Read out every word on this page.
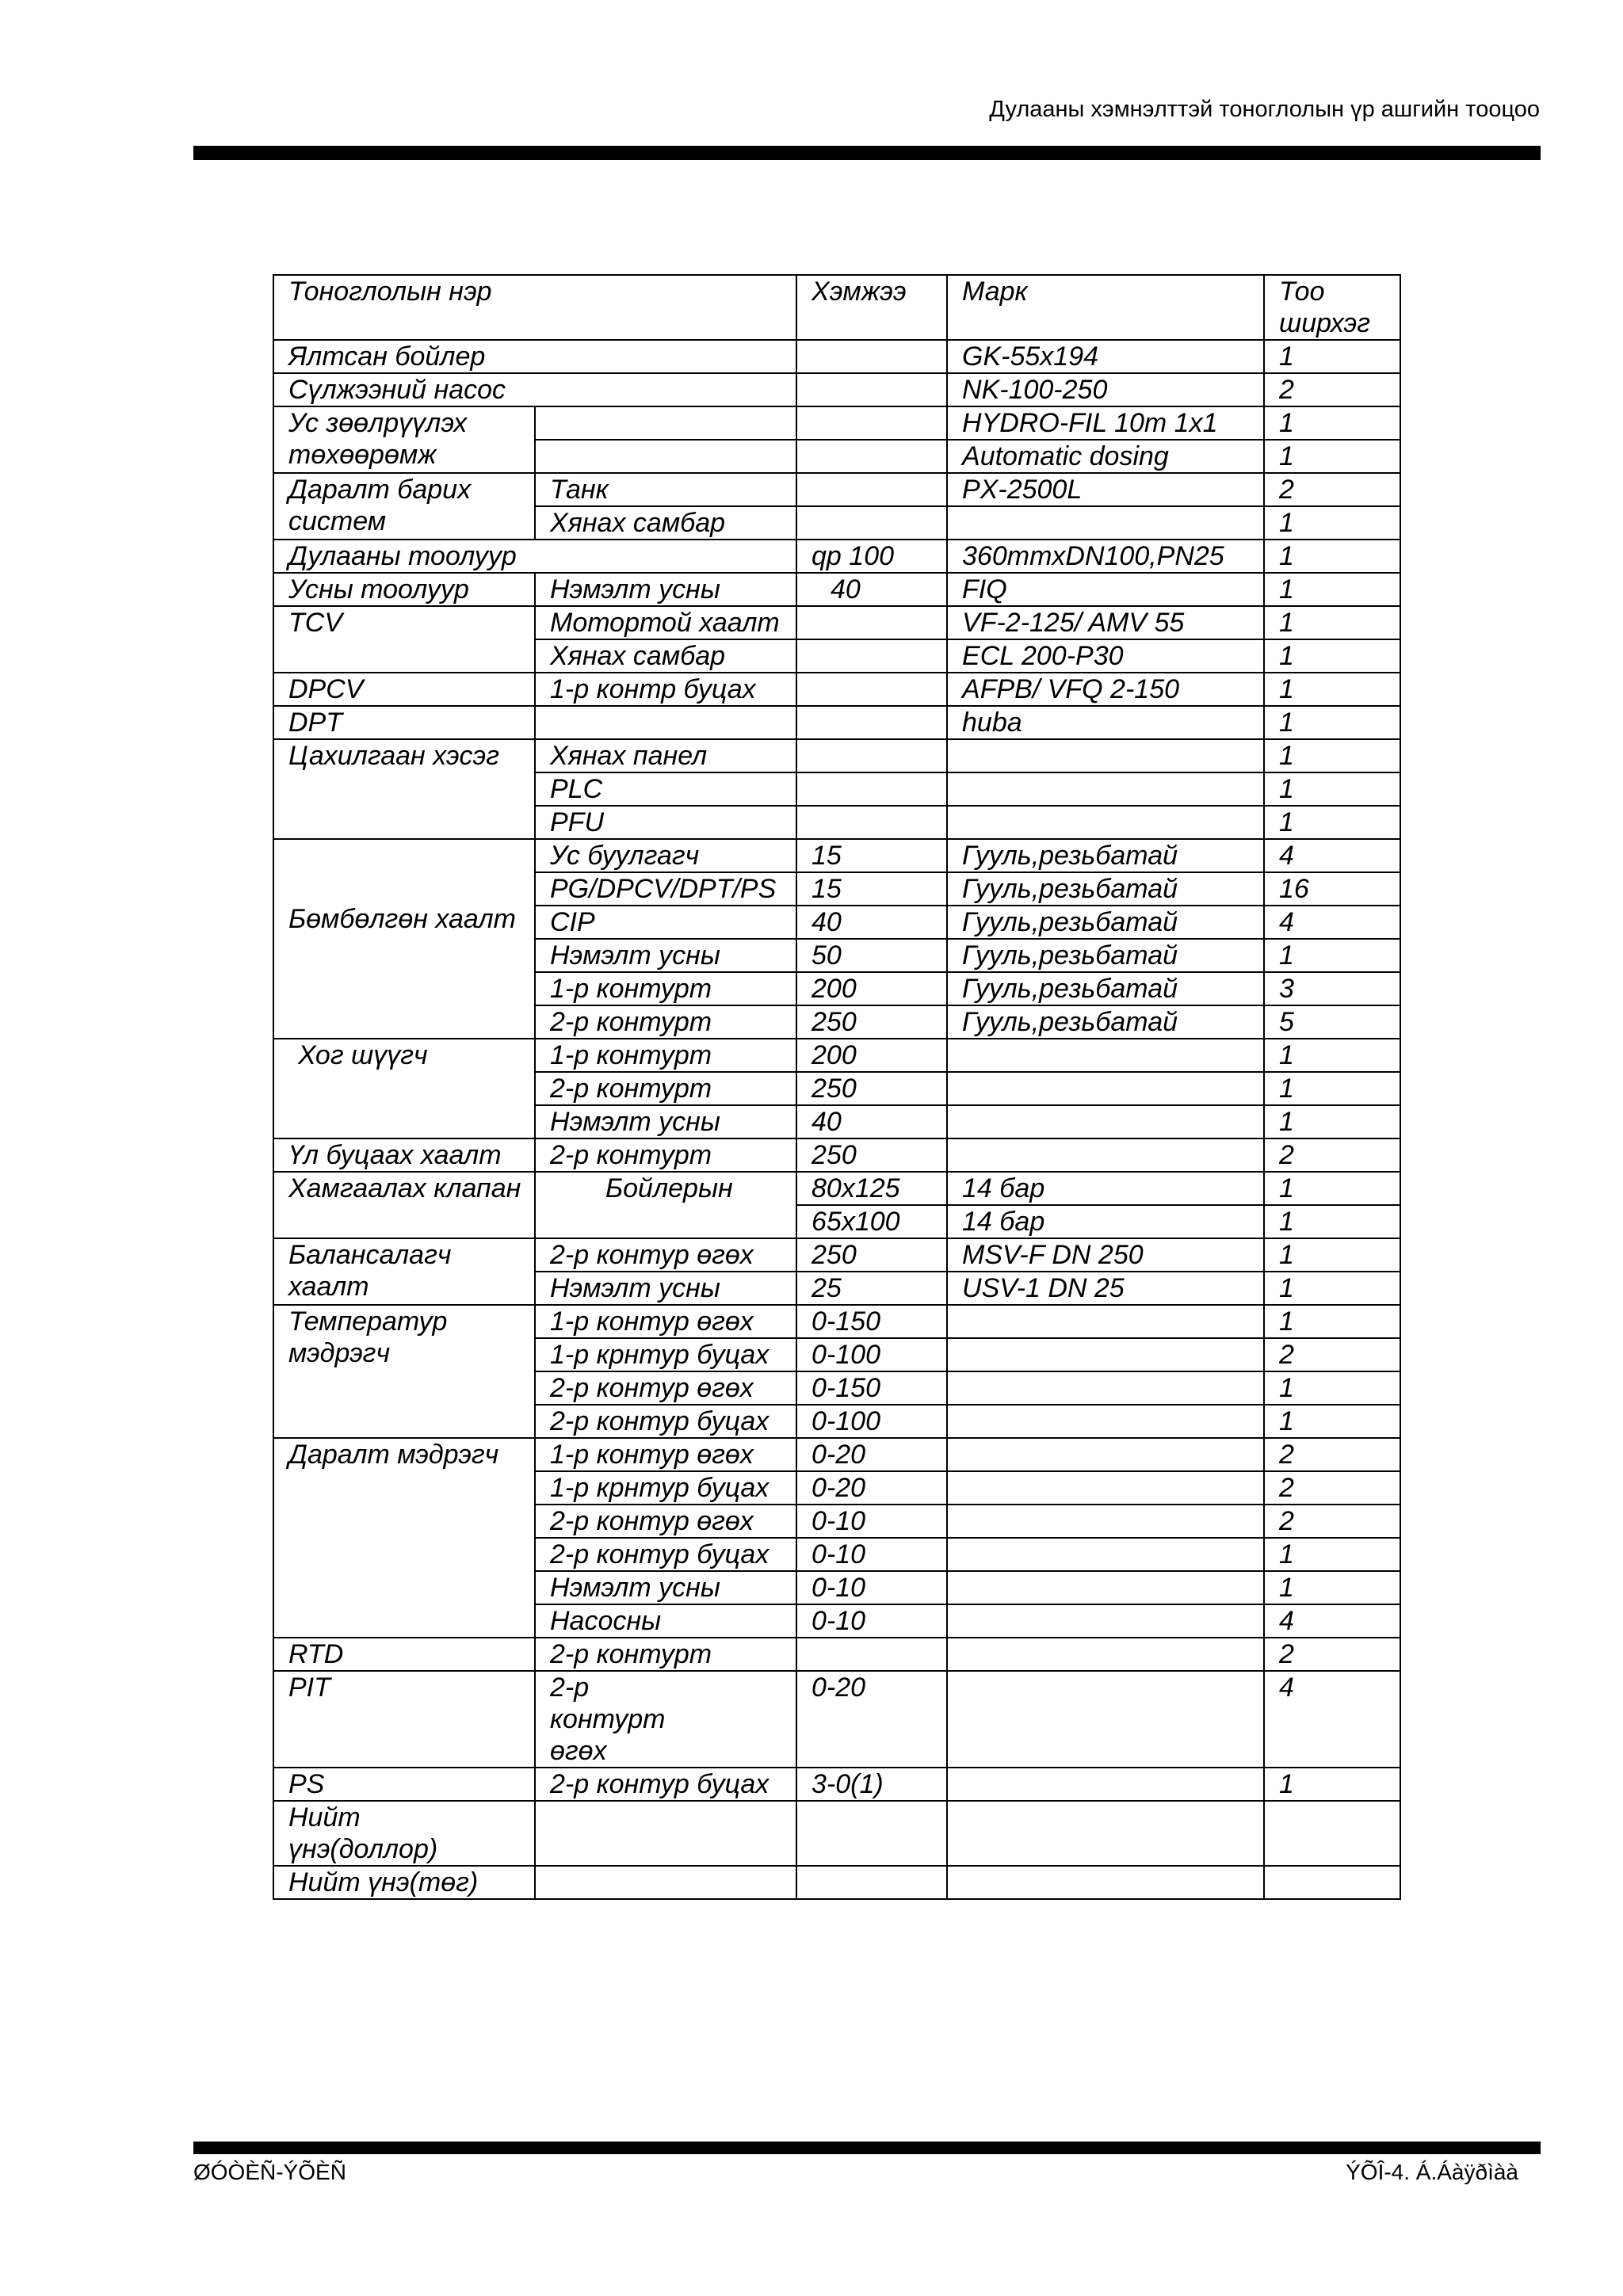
Дулааны хэмнэлттэй тоноглолын үр ашгийн тооцоо
Тоноглолын нэр		Хэмжээ	Марк	Тоо ширхэг
Ялтсан бойлер			GK-55x194	1
Сүлжээний насос			NK-100-250	2
Ус зөөлрүүлэх төхөөрөмж			HYDRO-FIL 10m 1x1	1
			Automatic dosing	1
Даралт барих систем	Танк		PX-2500L	2
	Хянах самбар			1
Дулааны тоолуур		qp 100	360mmxDN100,PN25	1
Усны тоолуур	Нэмэлт усны	40	FIQ	1
TCV	Мотортой хаалт		VF-2-125/ AMV 55	1
	Хянах самбар		ECL 200-P30	1
DPCV	1-р контр буцах		AFPB/ VFQ 2-150	1
DPT			huba	1
Цахилгаан хэсэг	Хянах панел			1
	PLC			1
	PFU			1
Бөмбөлгөн хаалт	Ус буулгагч	15	Гууль,резьбатай	4
	PG/DPCV/DPT/PS	15	Гууль,резьбатай	16
	CIP	40	Гууль,резьбатай	4
	Нэмэлт усны	50	Гууль,резьбатай	1
	1-р контурт	200	Гууль,резьбатай	3
	2-р контурт	250	Гууль,резьбатай	5

Хог шүүгч	1-р контурт	200		1
	2-р контурт	250		1
	Нэмэлт усны	40		1
Үл буцаах хаалт	2-р контурт	250		2
Хамгаалах клапан	Бойлерын	80x125	14 бар	1
		65x100	14 бар	1
Балансалагч хаалт	2-р контур өгөх	250	MSV-F DN 250	1
	Нэмэлт усны	25	USV-1 DN 25	1
Температур мэдрэгч	1-р контур өгөх	0-150		1
	1-р крнтур буцах	0-100		2
	2-р контур өгөх	0-150		1
	2-р контур буцах	0-100		1
Даралт мэдрэгч	1-р контур өгөх	0-20		2
	1-р крнтур буцах	0-20		2
	2-р контур өгөх	0-10		2
	2-р контур буцах	0-10		1
	Нэмэлт усны	0-10		1
	Насосны	0-10		4
RTD	2-р контурт			2
PIT	2-р контурт өгөх	0-20		4
PS	2-р контур буцах	3-0(1)		1
Нийт үнэ(доллор)				
Нийт үнэ(төг)				
ØÓÒÈÑ-ÝÕÈÑ	ÝÕÎ-4. Á.Áàÿðìàà
